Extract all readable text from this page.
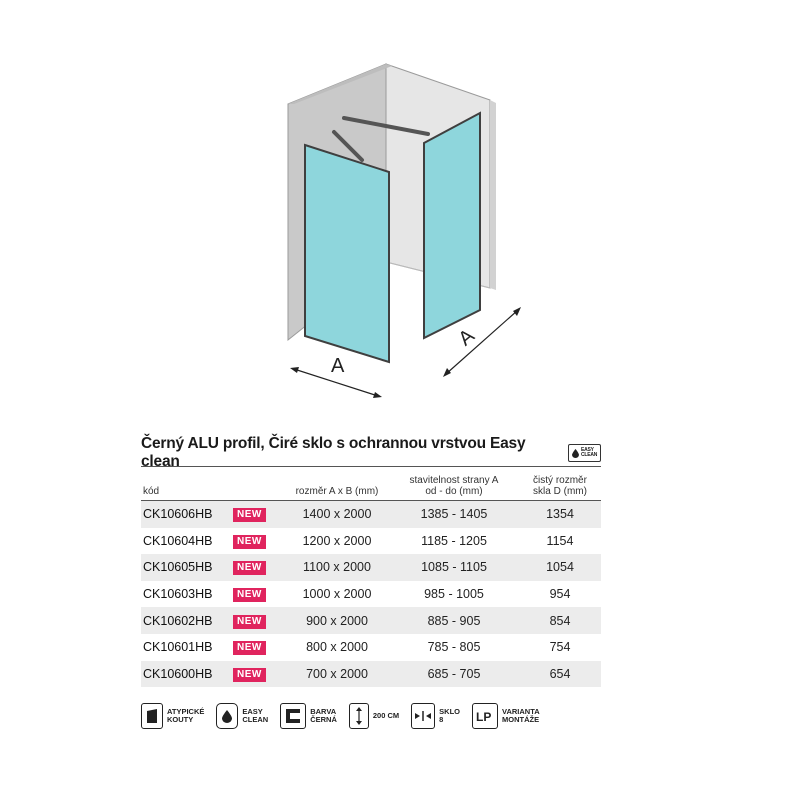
A
A
Černý ALU profil, Čiré sklo s ochrannou vrstvou Easy clean
EASY CLEAN
kód	rozměr A x B (mm)
stavitelnost strany A
od - do (mm)
čistý rozměr
skla D (mm)
CK10606HB	NEW	1400 x 2000	1385 - 1405	1354
CK10604HB	NEW	1200 x 2000	1185 - 1205	1154
CK10605HB	NEW	1100 x 2000	1085 - 1105	1054
CK10603HB	NEW	1000 x 2000	985 - 1005	954
CK10602HB	NEW	900 x 2000	885 - 905	854
CK10601HB	NEW	800 x 2000	785 - 805	754
CK10600HB	NEW	700 x 2000	685 - 705	654
ATYPICKÉ
KOUTY
EASY
CLEAN
BARVA
ČERNÁ	200 CM	SKLO
8	LP VARIANTA
MONTÁŽE
